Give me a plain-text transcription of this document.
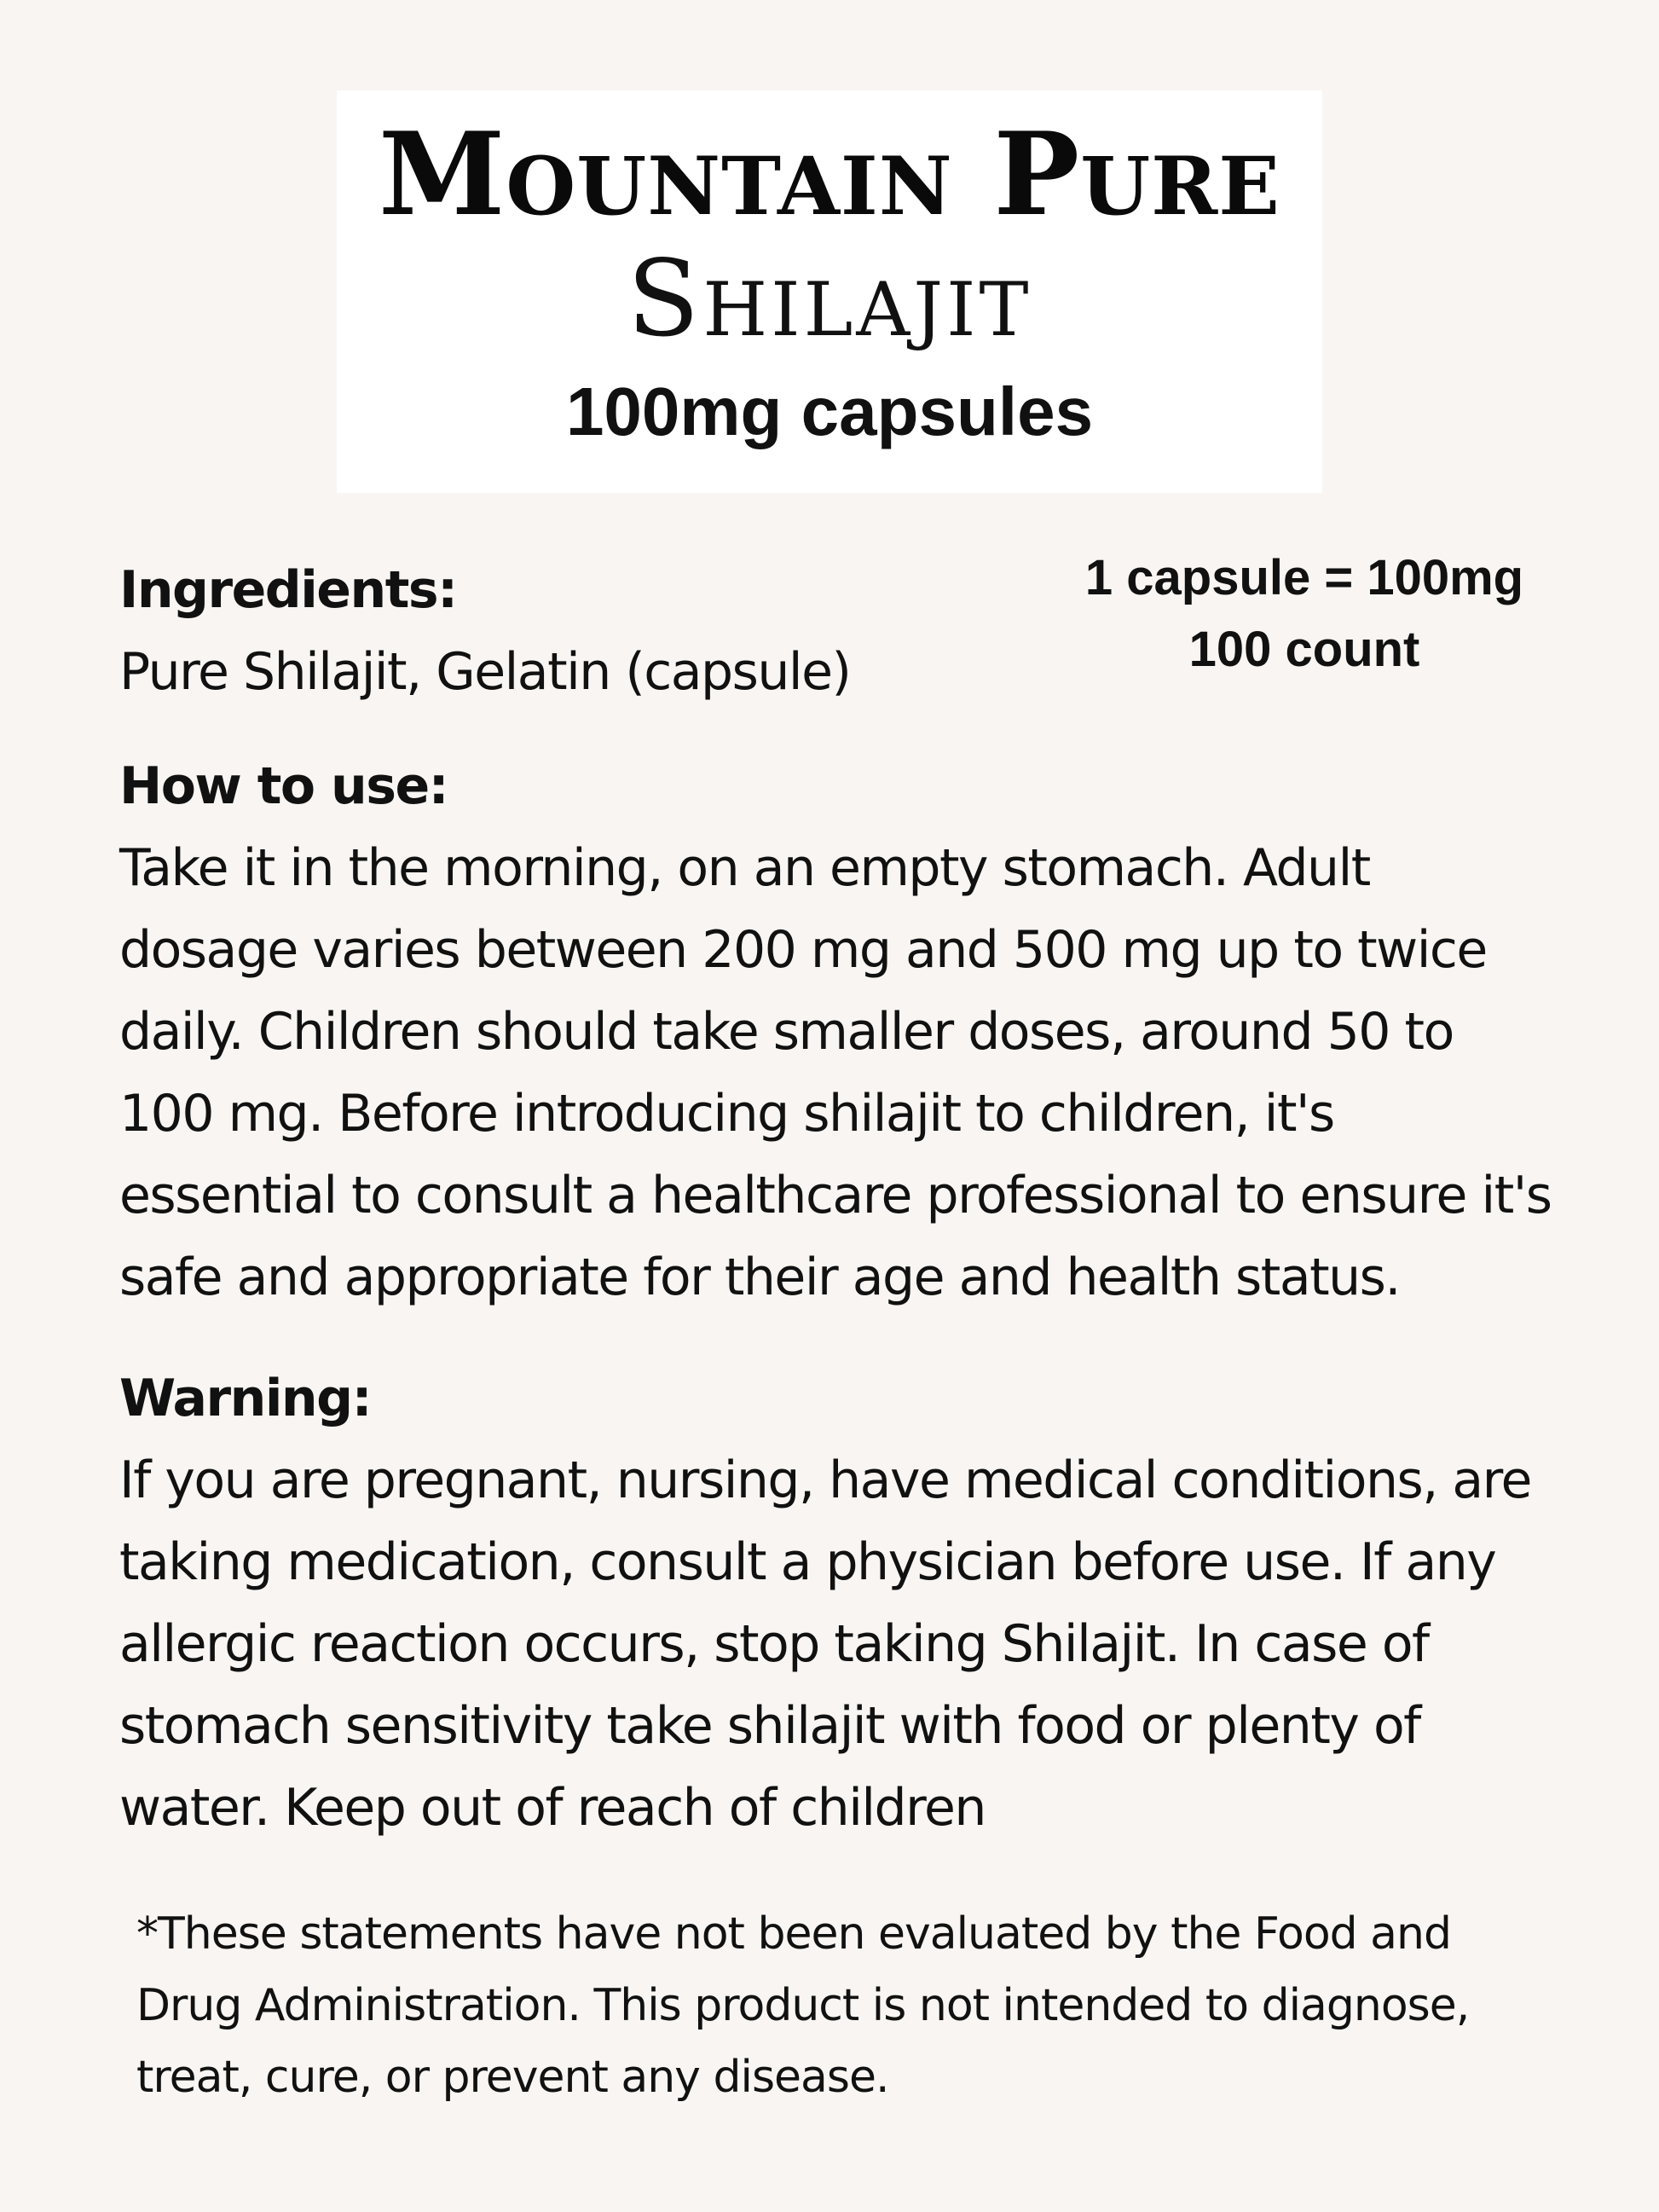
Mountain Pure
Shilajit
100mg capsules
1 capsule = 100mg
100 count
Ingredients:
Pure Shilajit, Gelatin (capsule)
How to use:
Take it in the morning, on an empty stomach. Adult dosage varies between 200 mg and 500 mg up to twice daily. Children should take smaller doses, around 50 to 100 mg. Before introducing shilajit to children, it's essential to consult a healthcare professional to ensure it's safe and appropriate for their age and health status.
Warning:
If you are pregnant, nursing, have medical conditions, are taking medication, consult a physician before use. If any allergic reaction occurs, stop taking Shilajit. In case of stomach sensitivity take shilajit with food or plenty of water. Keep out of reach of children
*These statements have not been evaluated by the Food and Drug Administration. This product is not intended to diagnose, treat, cure, or prevent any disease.
